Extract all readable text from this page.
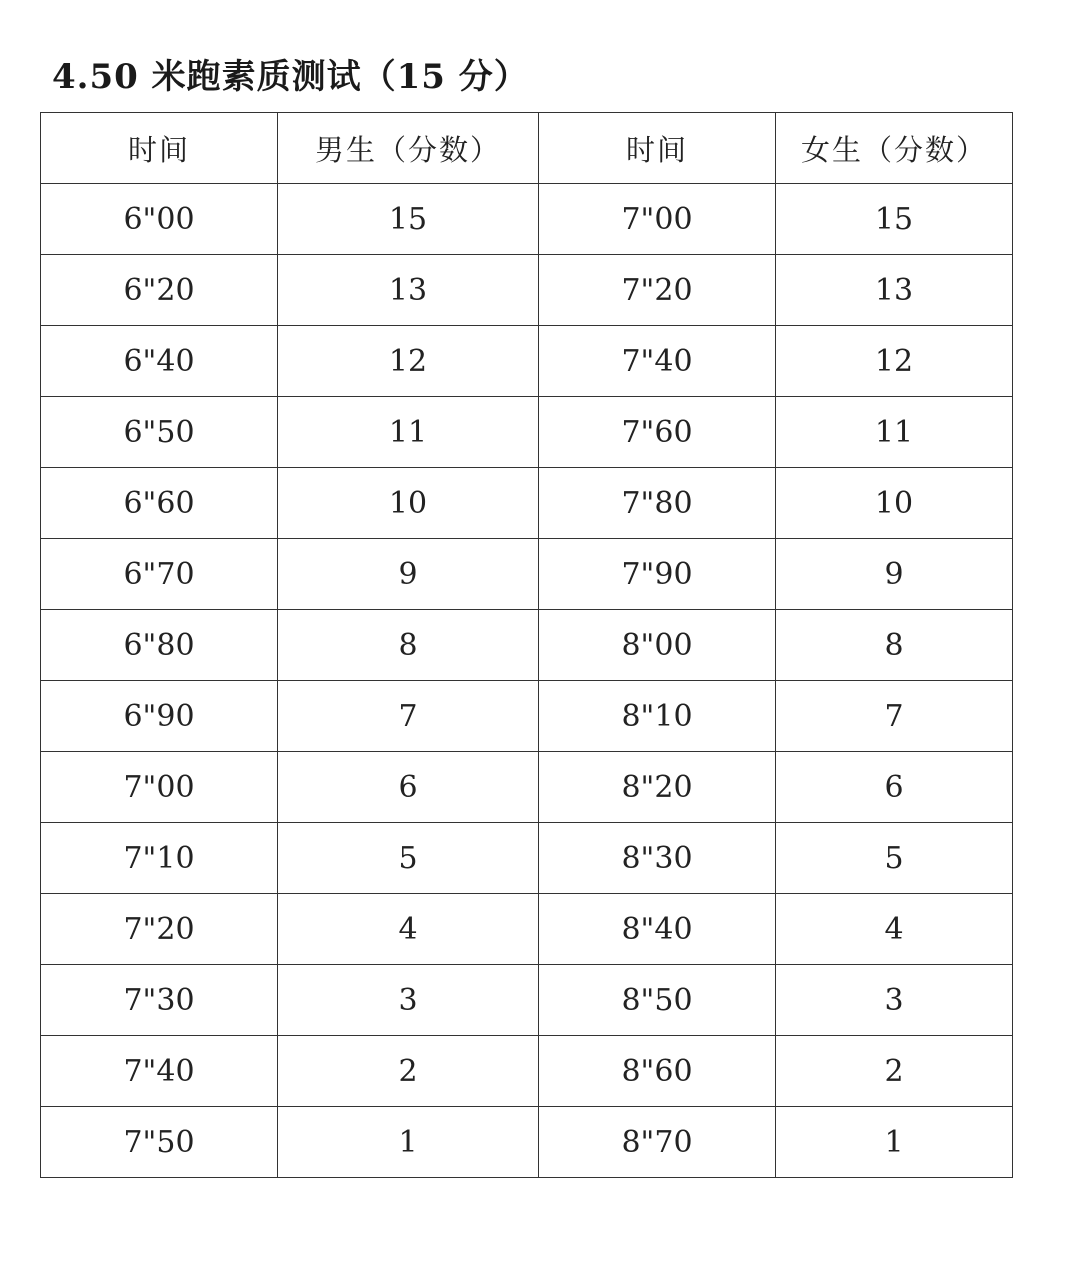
4.50 米跑素质测试（15 分）
时间	男生（分数）	时间	女生（分数）
6"00	15	7"00	15
6"20	13	7"20	13
6"40	12	7"40	12
6"50	11	7"60	11
6"60	10	7"80	10
6"70	9	7"90	9
6"80	8	8"00	8
6"90	7	8"10	7
7"00	6	8"20	6
7"10	5	8"30	5
7"20	4	8"40	4
7"30	3	8"50	3
7"40	2	8"60	2
7"50	1	8"70	1
